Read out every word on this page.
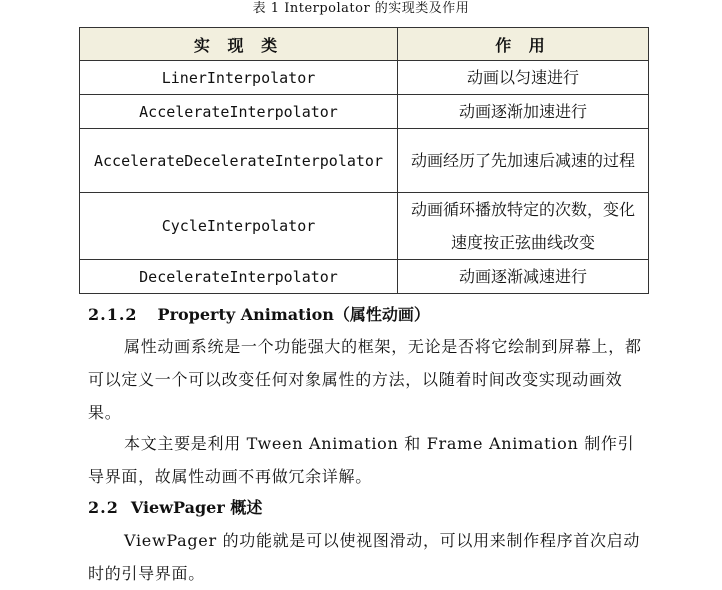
表 1 Interpolator 的实现类及作用
实 现 类	作 用
LinerInterpolator	动画以匀速进行
AccelerateInterpolator	动画逐渐加速进行
AccelerateDecelerateInterpolator	动画经历了先加速后减速的过程
CycleInterpolator	动画循环播放特定的次数，变化速度按正弦曲线改变
DecelerateInterpolator	动画逐渐减速进行
2.1.2 Property Animation（属性动画）

属性动画系统是一个功能强大的框架，无论是否将它绘制到屏幕上，都可以定义一个可以改变任何对象属性的方法，以随着时间改变实现动画效果。

本文主要是利用 Tween Animation 和 Frame Animation 制作引导界面，故属性动画不再做冗余详解。

2.2 ViewPager 概述

ViewPager 的功能就是可以使视图滑动，可以用来制作程序首次启动时的引导界面。
